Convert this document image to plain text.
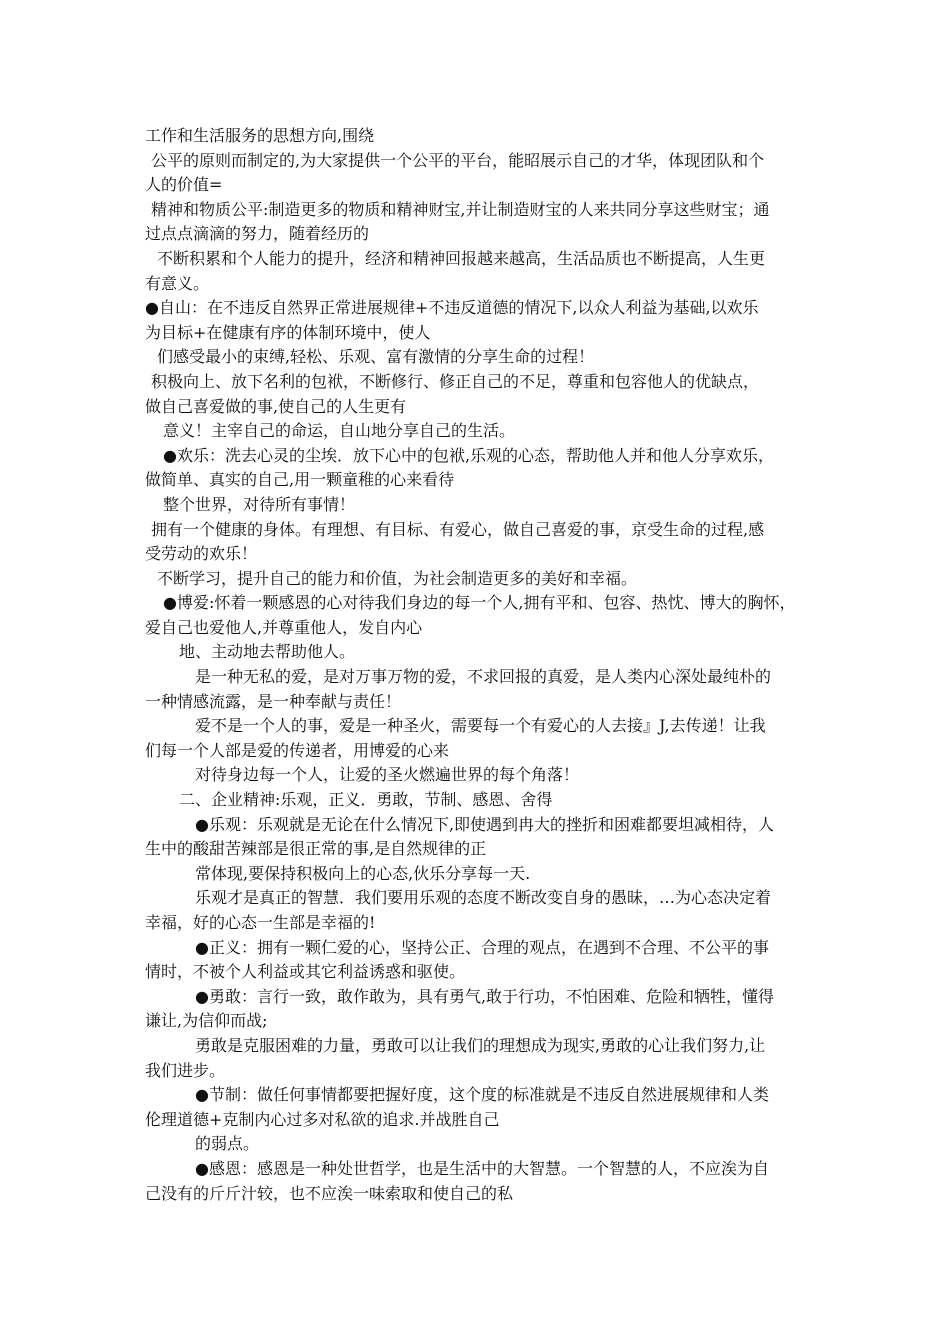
工作和生活服务的思想方向,围绕

公平的原则而制定的,为大家提供一个公平的平台，能昭展示自己的才华，体现团队和个

人的价值=

精神和物质公平:制造更多的物质和精神财宝,并让制造财宝的人来共同分享这些财宝；通

过点点滴滴的努力，随着经历的

不断积累和个人能力的提升，经济和精神回报越来越高，生活品质也不断提高，人生更

有意义。

●自山：在不违反自然界正常进展规律+不违反道德的情况下,以众人利益为基础,以欢乐

为目标+在健康有序的体制环境中，使人

们感受最小的束缚,轻松、乐观、富有激情的分享生命的过程！

积极向上、放下名利的包袱，不断修行、修正自己的不足，尊重和包容他人的优缺点，

做自己喜爱做的事,使自己的人生更有

意义！主宰自己的命运，自山地分享自己的生活。

●欢乐：洗去心灵的尘埃．放下心中的包袱,乐观的心态，帮助他人并和他人分享欢乐，

做简单、真实的自己,用一颗童稚的心来看待

整个世界，对待所有事情！

拥有一个健康的身体。有理想、有目标、有爱心，做自己喜爱的事，京受生命的过程,感

受劳动的欢乐！

不断学习，提升自己的能力和价值，为社会制造更多的美好和幸福。

●博爱:怀着一颗感恩的心对待我们身边的每一个人,拥有平和、包容、热忱、博大的胸怀，

爱自己也爱他人,并尊重他人，发自内心

地、主动地去帮助他人。

是一种无私的爱，是对万事万物的爱，不求回报的真爱，是人类内心深处最纯朴的

一种情感流露，是一种奉献与责任！

爱不是一个人的事，爱是一种圣火，需要每一个有爱心的人去接』J,去传递！让我

们每一个人部是爱的传递者，用博爱的心来

对待身边每一个人，让爱的圣火燃遍世界的每个角落！

二、企业精神:乐观，正义．勇敢，节制、感恩、舍得

●乐观：乐观就是无论在什么情况下,即使遇到冉大的挫折和困难都要坦减相待，人

生中的酸甜苦辣部是很正常的事,是自然规律的正

常体现,要保持积极向上的心态,伙乐分享每一天.

乐观才是真正的智慧．我们要用乐观的态度不断改变自身的愚昧，…为心态决定着

幸福，好的心态一生部是幸福的!

●正义：拥有一颗仁爱的心，坚持公正、合理的观点，在遇到不合理、不公平的事

情时，不被个人利益或其它利益诱惑和驱使。

●勇敢：言行一致，敢作敢为，具有勇气,敢于行功，不怕困难、危险和牺牲，懂得

谦让,为信仰而战;

勇敢是克服困难的力量，勇敢可以让我们的理想成为现实,勇敢的心让我们努力,让

我们进步。

●节制：做任何事情都要把握好度，这个度的标准就是不违反自然进展规律和人类

伦理道德+克制内心过多对私欲的追求.并战胜自己

的弱点。

●感恩：感恩是一种处世哲学，也是生活中的大智慧。一个智慧的人，不应涘为自

己没有的斤斤汁较，也不应涘一味索取和使自己的私
